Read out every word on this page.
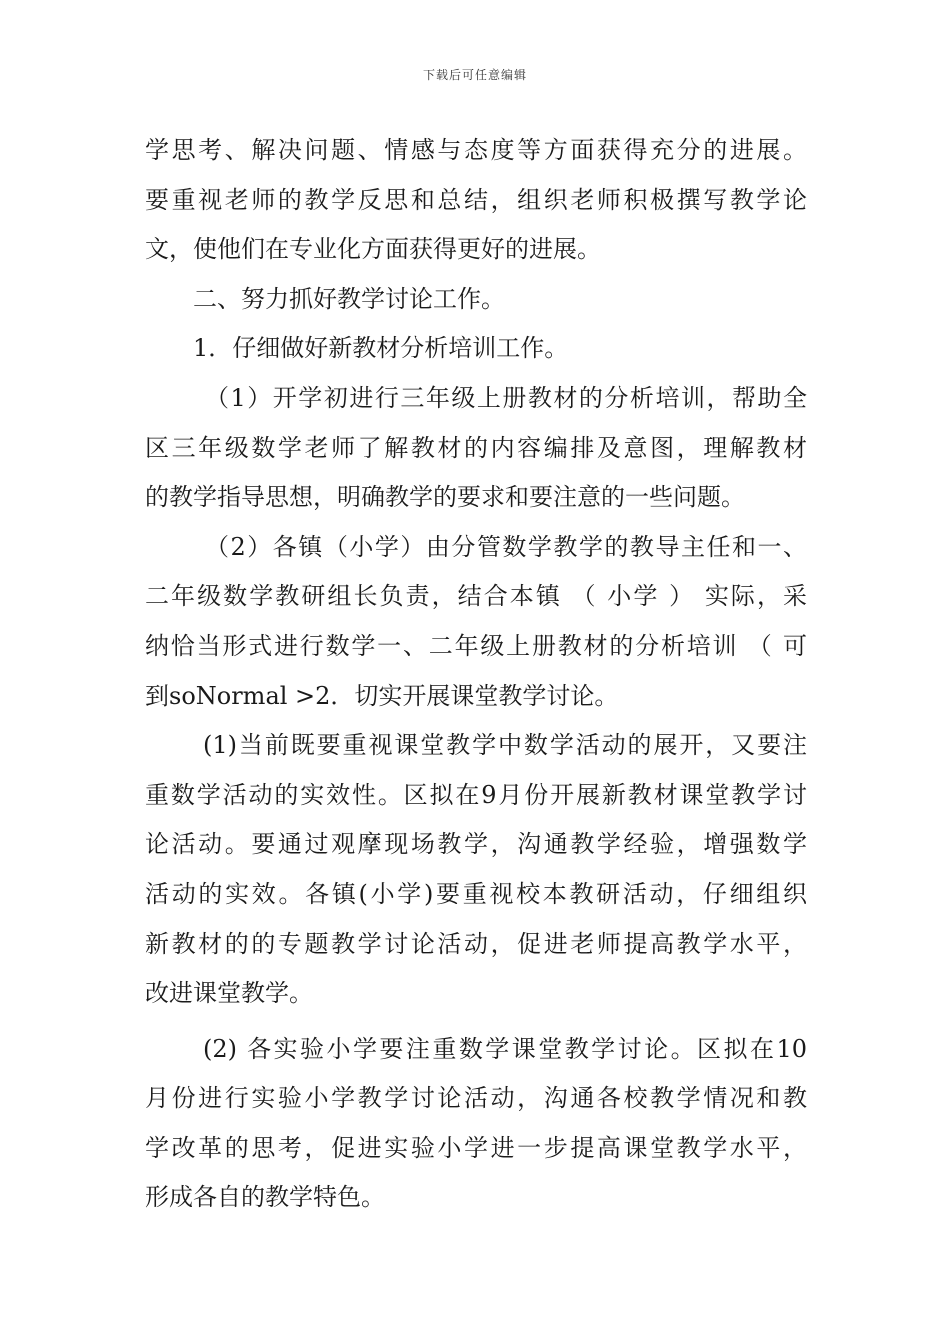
下载后可任意编辑
学思考、解决问题、情感与态度等方面获得充分的进展。
要重视老师的教学反思和总结，组织老师积极撰写教学论
文，使他们在专业化方面获得更好的进展。
二、努力抓好教学讨论工作。
1．仔细做好新教材分析培训工作。
（1）开学初进行三年级上册教材的分析培训，帮助全
区三年级数学老师了解教材的内容编排及意图，理解教材
的教学指导思想，明确教学的要求和要注意的一些问题。
（2）各镇（小学）由分管数学教学的教导主任和一、
二年级数学教研组长负责，结合本镇 （ 小学 ） 实际，采
纳恰当形式进行数学一、二年级上册教材的分析培训 （ 可
到soNormal >2．切实开展课堂教学讨论。
(1)当前既要重视课堂教学中数学活动的展开，又要注
重数学活动的实效性。区拟在9月份开展新教材课堂教学讨
论活动。要通过观摩现场教学，沟通教学经验，增强数学
活动的实效。各镇(小学)要重视校本教研活动，仔细组织
新教材的的专题教学讨论活动，促进老师提高教学水平，
改进课堂教学。
(2) 各实验小学要注重数学课堂教学讨论。区拟在10
月份进行实验小学教学讨论活动，沟通各校教学情况和教
学改革的思考，促进实验小学进一步提高课堂教学水平，
形成各自的教学特色。
